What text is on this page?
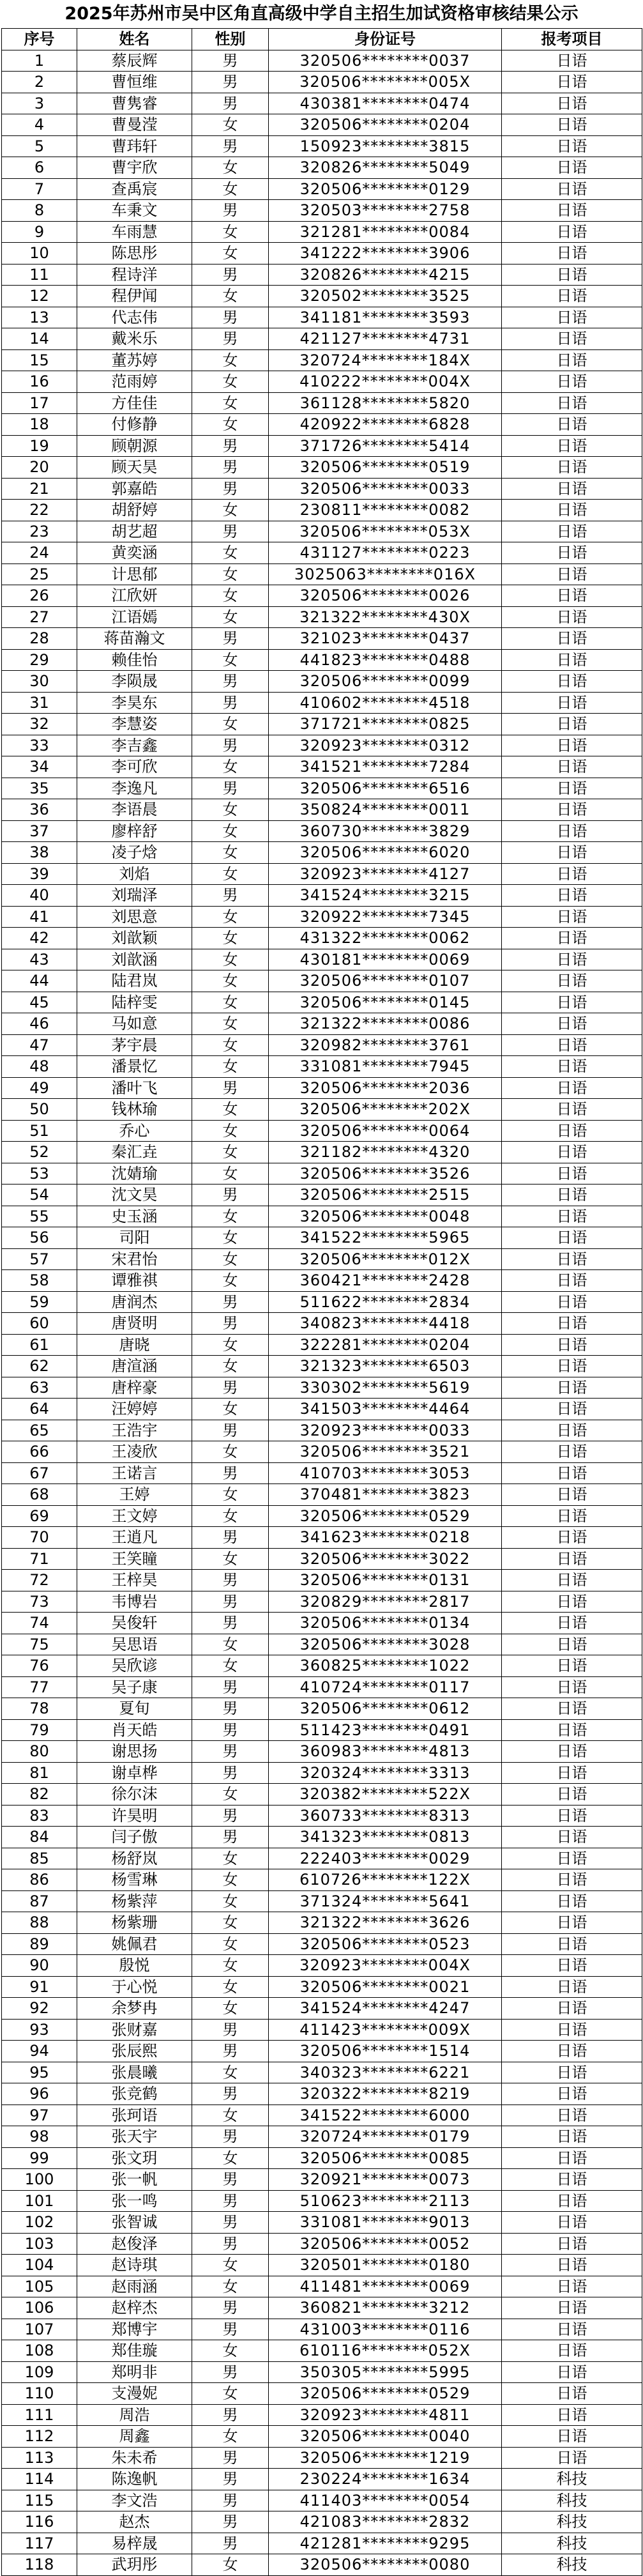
2025年苏州市吴中区角直高级中学自主招生加试资格审核结果公示
序号	姓名	性别	身份证号	报考项目
1	蔡辰辉	男	320506********0037	日语
2	曹恒维	男	320506********005X	日语
3	曹隽睿	男	430381********0474	日语
4	曹曼滢	女	320506********0204	日语
5	曹玮轩	男	150923********3815	日语
6	曹宇欣	女	320826********5049	日语
7	查禹宸	女	320506********0129	日语
8	车秉文	男	320503********2758	日语
9	车雨慧	女	321281********0084	日语
10	陈思彤	女	341222********3906	日语
11	程诗洋	男	320826********4215	日语
12	程伊闻	女	320502********3525	日语
13	代志伟	男	341181********3593	日语
14	戴米乐	男	421127********4731	日语
15	董苏婷	女	320724********184X	日语
16	范雨婷	女	410222********004X	日语
17	方佳佳	女	361128********5820	日语
18	付修静	女	420922********6828	日语
19	顾朝源	男	371726********5414	日语
20	顾天昊	男	320506********0519	日语
21	郭嘉皓	男	320506********0033	日语
22	胡舒婷	女	230811********0082	日语
23	胡艺超	男	320506********053X	日语
24	黄奕涵	女	431127********0223	日语
25	计思郁	女	3025063********016X	日语
26	江欣妍	女	320506********0026	日语
27	江语嫣	女	321322********430X	日语
28	蒋苗瀚文	男	321023********0437	日语
29	赖佳怡	女	441823********0488	日语
30	李陨晟	男	320506********0099	日语
31	李昊东	男	410602********4518	日语
32	李慧姿	女	371721********0825	日语
33	李吉鑫	男	320923********0312	日语
34	李可欣	女	341521********7284	日语
35	李逸凡	男	320506********6516	日语
36	李语晨	女	350824********0011	日语
37	廖梓舒	女	360730********3829	日语
38	凌子焓	女	320506********6020	日语
39	刘焰	女	320923********4127	日语
40	刘瑞泽	男	341524********3215	日语
41	刘思意	女	320922********7345	日语
42	刘歆颖	女	431322********0062	日语
43	刘歆涵	女	430181********0069	日语
44	陆君岚	女	320506********0107	日语
45	陆梓雯	女	320506********0145	日语
46	马如意	女	321322********0086	日语
47	茅宇晨	女	320982********3761	日语
48	潘景忆	女	331081********7945	日语
49	潘叶飞	男	320506********2036	日语
50	钱林瑜	女	320506********202X	日语
51	乔心	女	320506********0064	日语
52	秦汇垚	女	321182********4320	日语
53	沈婧瑜	女	320506********3526	日语
54	沈文昊	男	320506********2515	日语
55	史玉涵	女	320506********0048	日语
56	司阳	女	341522********5965	日语
57	宋君怡	女	320506********012X	日语
58	谭雅祺	女	360421********2428	日语
59	唐润杰	男	511622********2834	日语
60	唐贤明	男	340823********4418	日语
61	唐晓	女	322281********0204	日语
62	唐渲涵	女	321323********6503	日语
63	唐梓豪	男	330302********5619	日语
64	汪婷婷	女	341503********4464	日语
65	王浩宇	男	320923********0033	日语
66	王凌欣	女	320506********3521	日语
67	王诺言	男	410703********3053	日语
68	王婷	女	370481********3823	日语
69	王文婷	女	320506********0529	日语
70	王逍凡	男	341623********0218	日语
71	王笑瞳	女	320506********3022	日语
72	王梓昊	男	320506********0131	日语
73	韦博岩	男	320829********2817	日语
74	吴俊轩	男	320506********0134	日语
75	吴思语	女	320506********3028	日语
76	吴欣谚	女	360825********1022	日语
77	吴子康	男	410724********0117	日语
78	夏旬	男	320506********0612	日语
79	肖天皓	男	511423********0491	日语
80	谢思扬	男	360983********4813	日语
81	谢卓桦	男	320324********3313	日语
82	徐尔沫	女	320382********522X	日语
83	许昊明	男	360733********8313	日语
84	闫子傲	男	341323********0813	日语
85	杨舒岚	女	222403********0029	日语
86	杨雪琳	女	610726********122X	日语
87	杨紫萍	女	371324********5641	日语
88	杨紫珊	女	321322********3626	日语
89	姚佩君	女	320506********0523	日语
90	殷悦	女	320923********004X	日语
91	于心悦	女	320506********0021	日语
92	余梦冉	女	341524********4247	日语
93	张财嘉	男	411423********009X	日语
94	张辰熙	男	320506********1514	日语
95	张晨曦	女	340323********6221	日语
96	张竞鹤	男	320322********8219	日语
97	张珂语	女	341522********6000	日语
98	张天宇	男	320724********0179	日语
99	张文玥	女	320506********0085	日语
100	张一帆	男	320921********0073	日语
101	张一鸣	男	510623********2113	日语
102	张智诚	男	331081********9013	日语
103	赵俊泽	男	320506********0052	日语
104	赵诗琪	女	320501********0180	日语
105	赵雨涵	女	411481********0069	日语
106	赵梓杰	男	360821********3212	日语
107	郑博宇	男	431003********0116	日语
108	郑佳璇	女	610116********052X	日语
109	郑明非	男	350305********5995	日语
110	支漫妮	女	320506********0529	日语
111	周浩	男	320923********4811	日语
112	周鑫	女	320506********0040	日语
113	朱未希	男	320506********1219	日语
114	陈逸帆	男	230224********1634	科技
115	李文浩	男	411403********0054	科技
116	赵杰	男	421083********2832	科技
117	易梓晟	男	421281********9295	科技
118	武玥彤	女	320506********0080	科技
